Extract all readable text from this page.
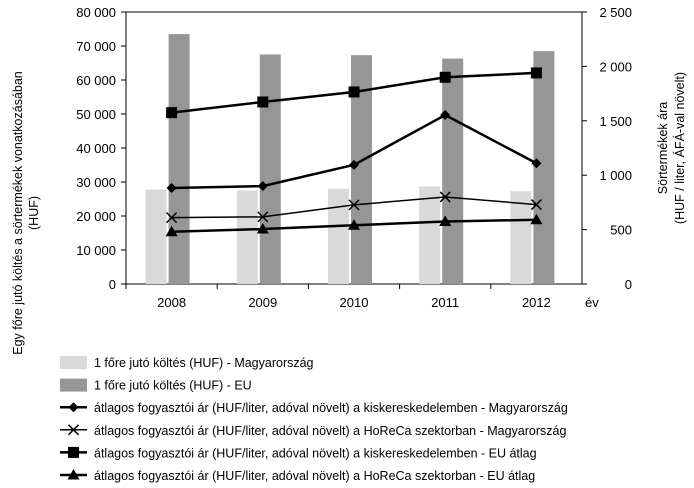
0
10 000
20 000
30 000
40 000
50 000
60 000
70 000
80 000
0
500
1 000
1 500
2 000
2 500
2008	2009	2010	2011	2012	év
Egy főre jutó költés a sörtermékek vonatkozásában (HUF)
Sörtermékek ára (HUF / liter, ÁFÁ-val növelt)
1 főre jutó költés (HUF) - Magyarország
1 főre jutó költés (HUF) - EU
átlagos fogyasztói ár (HUF/liter, adóval növelt) a kiskereskedelemben - Magyarország
átlagos fogyasztói ár (HUF/liter, adóval növelt) a HoReCa szektorban - Magyarország
átlagos fogyasztói ár (HUF/liter, adóval növelt) a kiskereskedelemben - EU átlag
átlagos fogyasztói ár (HUF/liter, adóval növelt) a HoReCa szektorban - EU átlag
